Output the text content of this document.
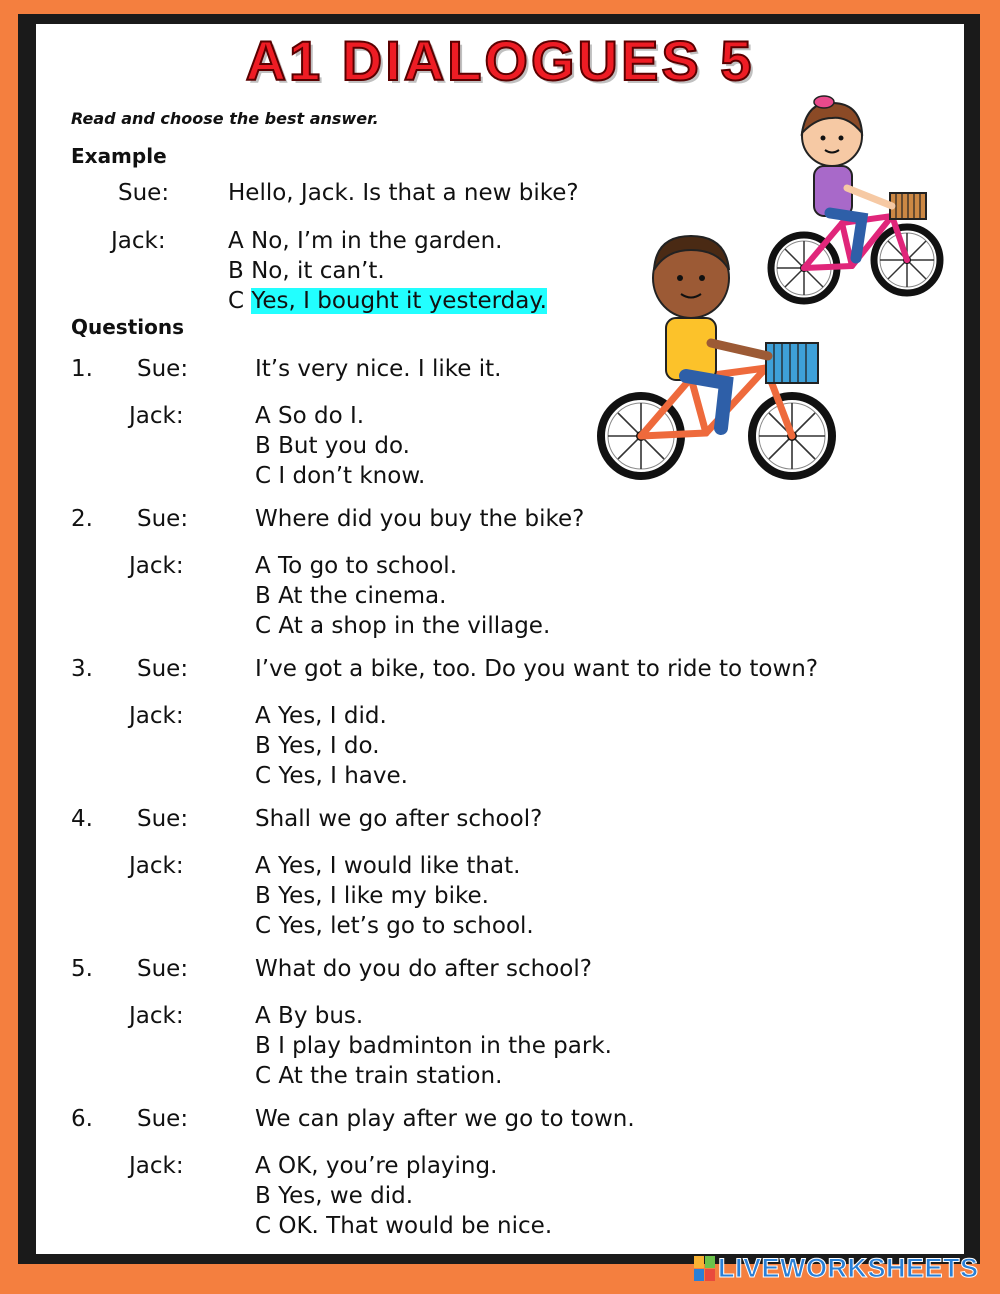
A1 DIALOGUES 5
Read and choose the best answer.
Example
Sue:	Hello, Jack. Is that a new bike?
Jack:	A No, I’m in the garden.
B No, it can’t.
C Yes, I bought it yesterday.
Questions
1. Sue:	It’s very nice. I like it.
Jack:	A So do I.
B But you do.
C I don’t know.
2. Sue:	Where did you buy the bike?
Jack:	A To go to school.
B At the cinema.
C At a shop in the village.
3. Sue:	I’ve got a bike, too. Do you want to ride to town?
Jack:	A Yes, I did.
B Yes, I do.
C Yes, I have.
4. Sue:	Shall we go after school?
Jack:	A Yes, I would like that.
B Yes, I like my bike.
C Yes, let’s go to school.
5. Sue:	What do you do after school?
Jack:	A By bus.
B I play badminton in the park.
C At the train station.
6. Sue:	We can play after we go to town.
Jack:	A OK, you’re playing.
B Yes, we did.
C OK. That would be nice.
LIVEWORKSHEETS
